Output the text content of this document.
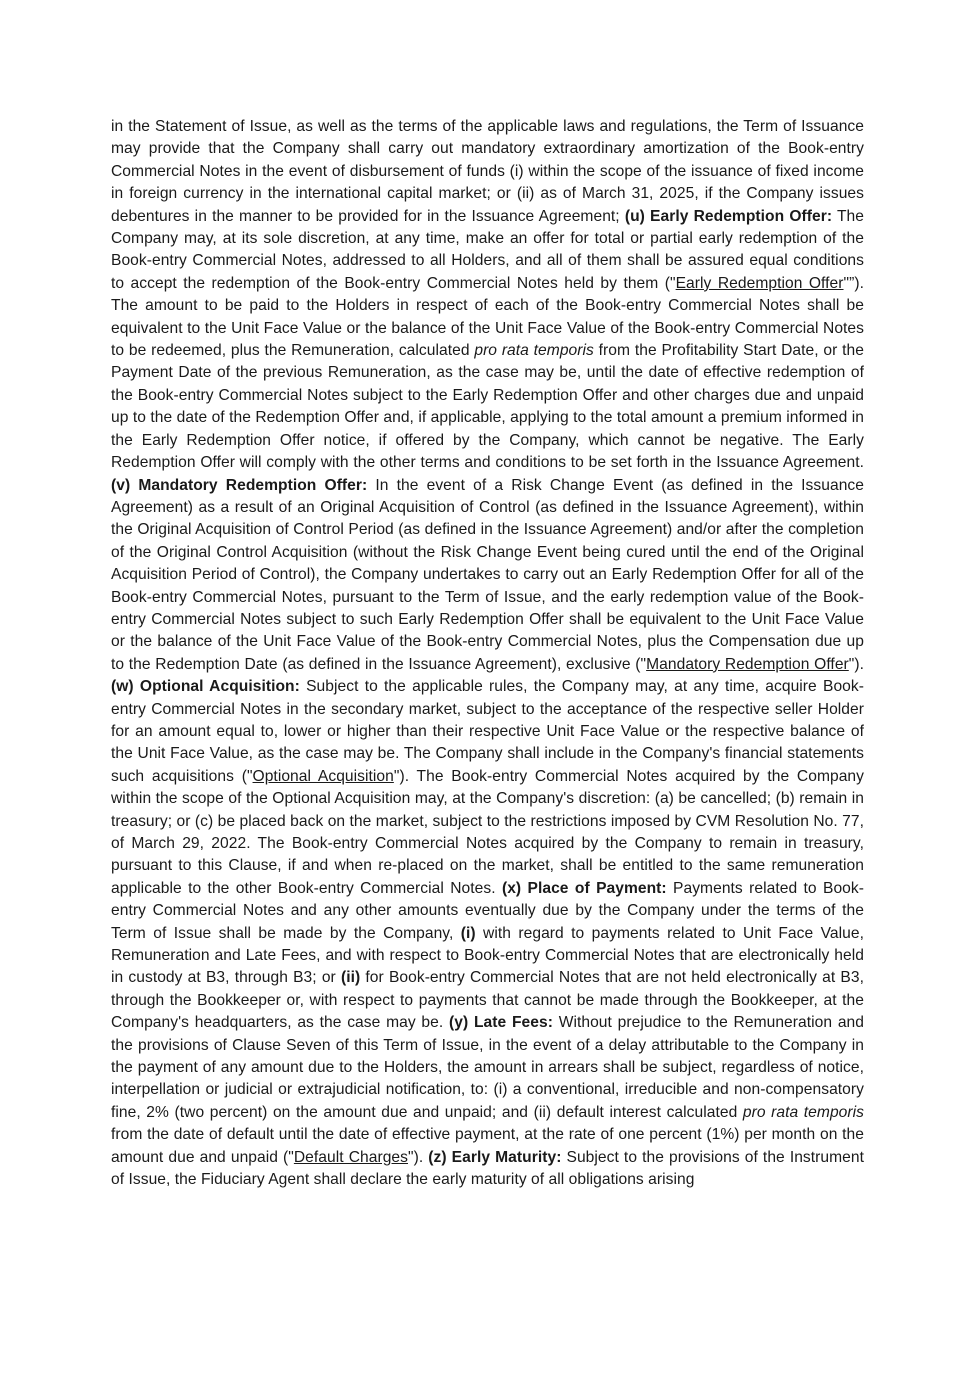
in the Statement of Issue, as well as the terms of the applicable laws and regulations, the Term of Issuance may provide that the Company shall carry out mandatory extraordinary amortization of the Book-entry Commercial Notes in the event of disbursement of funds (i) within the scope of the issuance of fixed income in foreign currency in the international capital market; or (ii) as of March 31, 2025, if the Company issues debentures in the manner to be provided for in the Issuance Agreement; (u) Early Redemption Offer: The Company may, at its sole discretion, at any time, make an offer for total or partial early redemption of the Book-entry Commercial Notes, addressed to all Holders, and all of them shall be assured equal conditions to accept the redemption of the Book-entry Commercial Notes held by them ("Early Redemption Offer"”). The amount to be paid to the Holders in respect of each of the Book-entry Commercial Notes shall be equivalent to the Unit Face Value or the balance of the Unit Face Value of the Book-entry Commercial Notes to be redeemed, plus the Remuneration, calculated pro rata temporis from the Profitability Start Date, or the Payment Date of the previous Remuneration, as the case may be, until the date of effective redemption of the Book-entry Commercial Notes subject to the Early Redemption Offer and other charges due and unpaid up to the date of the Redemption Offer and, if applicable, applying to the total amount a premium informed in the Early Redemption Offer notice, if offered by the Company, which cannot be negative. The Early Redemption Offer will comply with the other terms and conditions to be set forth in the Issuance Agreement. (v) Mandatory Redemption Offer: In the event of a Risk Change Event (as defined in the Issuance Agreement) as a result of an Original Acquisition of Control (as defined in the Issuance Agreement), within the Original Acquisition of Control Period (as defined in the Issuance Agreement) and/or after the completion of the Original Control Acquisition (without the Risk Change Event being cured until the end of the Original Acquisition Period of Control), the Company undertakes to carry out an Early Redemption Offer for all of the Book-entry Commercial Notes, pursuant to the Term of Issue, and the early redemption value of the Book-entry Commercial Notes subject to such Early Redemption Offer shall be equivalent to the Unit Face Value or the balance of the Unit Face Value of the Book-entry Commercial Notes, plus the Compensation due up to the Redemption Date (as defined in the Issuance Agreement), exclusive ("Mandatory Redemption Offer"). (w) Optional Acquisition: Subject to the applicable rules, the Company may, at any time, acquire Book-entry Commercial Notes in the secondary market, subject to the acceptance of the respective seller Holder for an amount equal to, lower or higher than their respective Unit Face Value or the respective balance of the Unit Face Value, as the case may be. The Company shall include in the Company's financial statements such acquisitions ("Optional Acquisition"). The Book-entry Commercial Notes acquired by the Company within the scope of the Optional Acquisition may, at the Company's discretion: (a) be cancelled; (b) remain in treasury; or (c) be placed back on the market, subject to the restrictions imposed by CVM Resolution No. 77, of March 29, 2022. The Book-entry Commercial Notes acquired by the Company to remain in treasury, pursuant to this Clause, if and when re-placed on the market, shall be entitled to the same remuneration applicable to the other Book-entry Commercial Notes. (x) Place of Payment: Payments related to Book-entry Commercial Notes and any other amounts eventually due by the Company under the terms of the Term of Issue shall be made by the Company, (i) with regard to payments related to Unit Face Value, Remuneration and Late Fees, and with respect to Book-entry Commercial Notes that are electronically held in custody at B3, through B3; or (ii) for Book-entry Commercial Notes that are not held electronically at B3, through the Bookkeeper or, with respect to payments that cannot be made through the Bookkeeper, at the Company's headquarters, as the case may be. (y) Late Fees: Without prejudice to the Remuneration and the provisions of Clause Seven of this Term of Issue, in the event of a delay attributable to the Company in the payment of any amount due to the Holders, the amount in arrears shall be subject, regardless of notice, interpellation or judicial or extrajudicial notification, to: (i) a conventional, irreducible and non-compensatory fine, 2% (two percent) on the amount due and unpaid; and (ii) default interest calculated pro rata temporis from the date of default until the date of effective payment, at the rate of one percent (1%) per month on the amount due and unpaid ("Default Charges"). (z) Early Maturity: Subject to the provisions of the Instrument of Issue, the Fiduciary Agent shall declare the early maturity of all obligations arising
